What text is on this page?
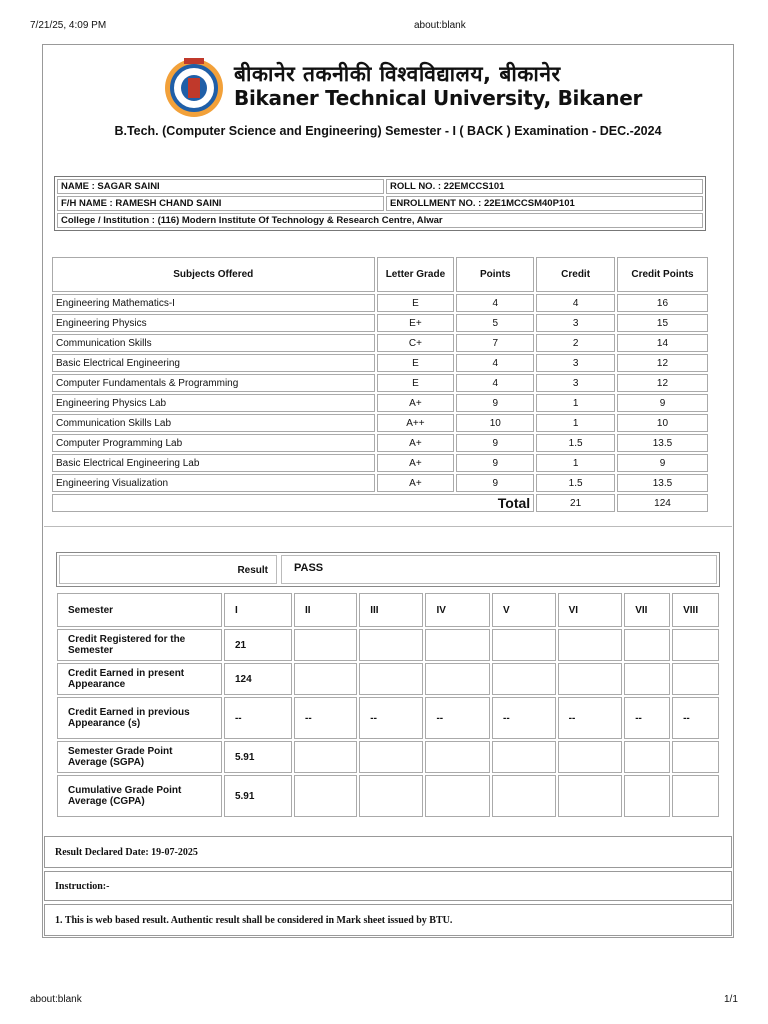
7/21/25, 4:09 PM	about:blank
बीकानेर तकनीकी विश्वविद्यालय, बीकानेर
Bikaner Technical University, Bikaner
B.Tech. (Computer Science and Engineering) Semester - I ( BACK ) Examination - DEC.-2024
NAME : SAGAR SAINI	ROLL NO. : 22EMCCS101
F/H NAME : RAMESH CHAND SAINI	ENROLLMENT NO. : 22E1MCCSM40P101
College / Institution : (116) Modern Institute Of Technology & Research Centre, Alwar	
Subjects Offered	Letter Grade	Points	Credit	Credit Points
Engineering Mathematics-I	E	4	4	16
Engineering Physics	E+	5	3	15
Communication Skills	C+	7	2	14
Basic Electrical Engineering	E	4	3	12
Computer Fundamentals & Programming	E	4	3	12
Engineering Physics Lab	A+	9	1	9
Communication Skills Lab	A++	10	1	10
Computer Programming Lab	A+	9	1.5	13.5
Basic Electrical Engineering Lab	A+	9	1	9
Engineering Visualization	A+	9	1.5	13.5
Total			21	124
Result	PASS
Semester	I	II	III	IV	V	VI	VII	VIII
Credit Registered for the Semester	21							
Credit Earned in present Appearance	124							
Credit Earned in previous Appearance (s)	--	--	--	--	--	--	--	--
Semester Grade Point Average (SGPA)	5.91							
Cumulative Grade Point Average (CGPA)	5.91							
Result Declared Date: 19-07-2025
Instruction:-
1. This is web based result. Authentic result shall be considered in Mark sheet issued by BTU.
about:blank	1/1
